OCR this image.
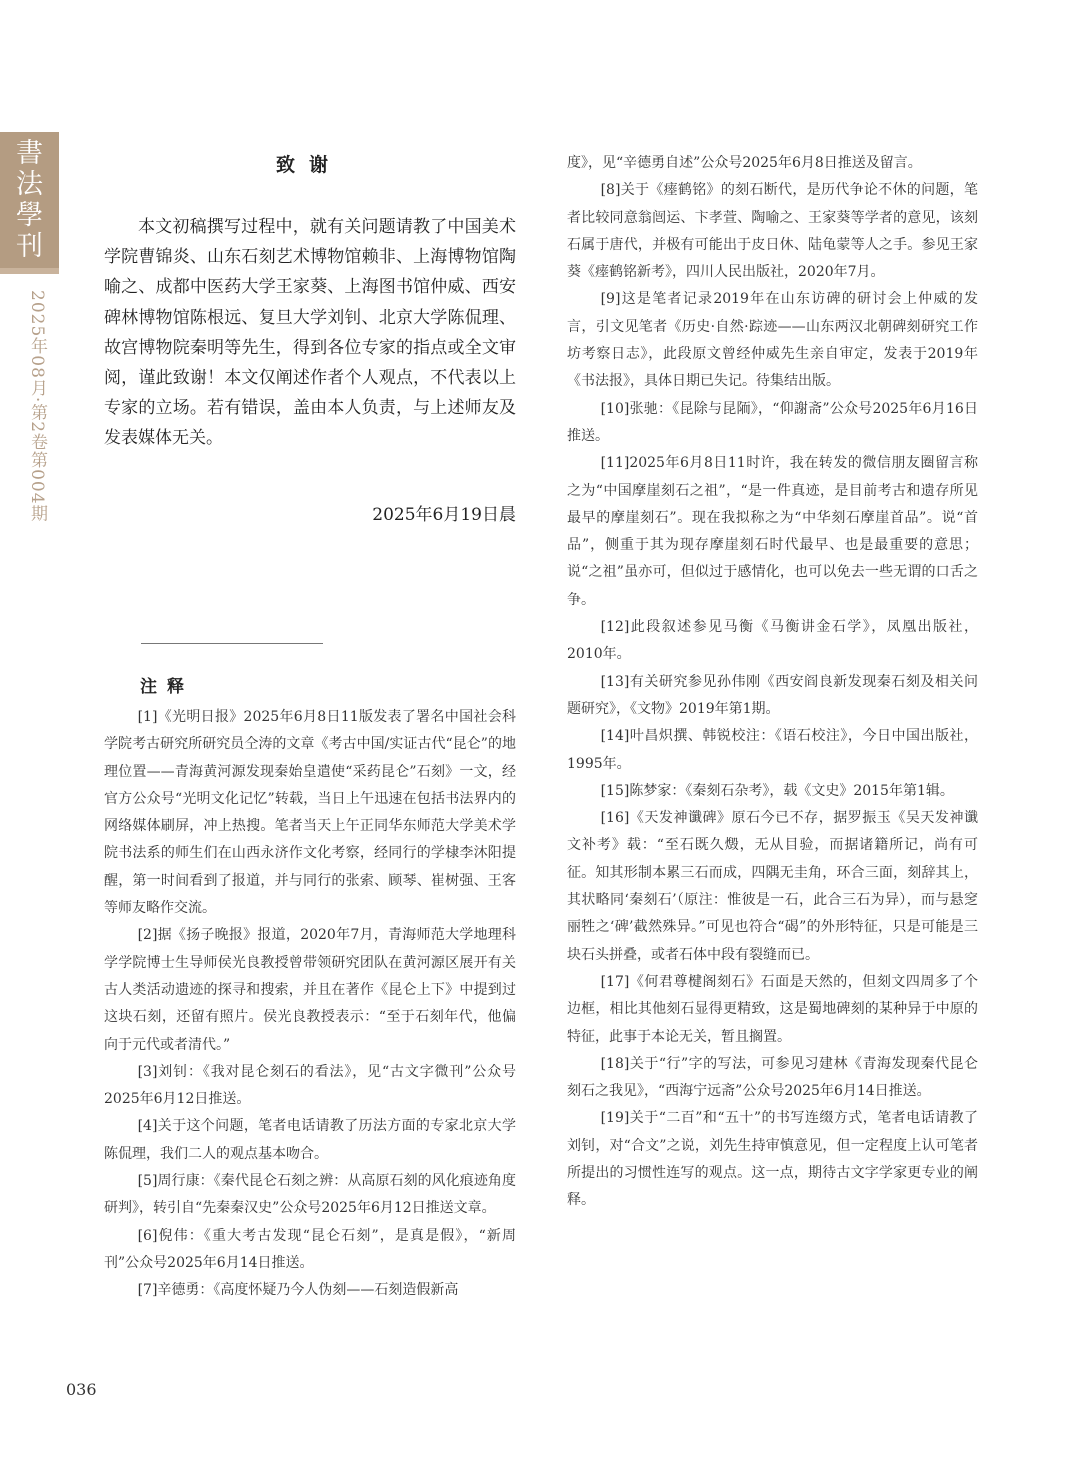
書
法
學
刊
2025年08月·第2卷第004期
致谢

本文初稿撰写过程中，就有关问题请教了中国美术学院曹锦炎、山东石刻艺术博物馆赖非、上海博物馆陶喻之、成都中医药大学王家葵、上海图书馆仲威、西安碑林博物馆陈根远、复旦大学刘钊、北京大学陈侃理、故宫博物院秦明等先生，得到各位专家的指点或全文审阅，谨此致谢！本文仅阐述作者个人观点，不代表以上专家的立场。若有错误，盖由本人负责，与上述师友及发表媒体无关。

2025年6月19日晨
注释

[1]《光明日报》2025年6月8日11版发表了署名中国社会科学院考古研究所研究员仝涛的文章《考古中国/实证古代“昆仑”的地理位置——青海黄河源发现秦始皇遣使“采药昆仑”石刻》一文，经官方公众号“光明文化记忆”转载，当日上午迅速在包括书法界内的网络媒体刷屏，冲上热搜。笔者当天上午正同华东师范大学美术学院书法系的师生们在山西永济作文化考察，经同行的学棣李沐阳提醒，第一时间看到了报道，并与同行的张索、顾琴、崔树强、王客等师友略作交流。

[2]据《扬子晚报》报道，2020年7月，青海师范大学地理科学学院博士生导师侯光良教授曾带领研究团队在黄河源区展开有关古人类活动遗迹的探寻和搜索，并且在著作《昆仑上下》中提到过这块石刻，还留有照片。侯光良教授表示：“至于石刻年代，他偏向于元代或者清代。”

[3]刘钊：《我对昆仑刻石的看法》，见“古文字微刊”公众号2025年6月12日推送。

[4]关于这个问题，笔者电话请教了历法方面的专家北京大学陈侃理，我们二人的观点基本吻合。

[5]周行康：《秦代昆仑石刻之辨：从高原石刻的风化痕迹角度研判》，转引自“先秦秦汉史”公众号2025年6月12日推送文章。

[6]倪伟：《重大考古发现“昆仑石刻”，是真是假》，“新周刊”公众号2025年6月14日推送。

[7]辛德勇：《高度怀疑乃今人伪刻——石刻造假新高

度》，见“辛德勇自述”公众号2025年6月8日推送及留言。

[8]关于《瘗鹤铭》的刻石断代，是历代争论不休的问题，笔者比较同意翁闿运、卞孝萱、陶喻之、王家葵等学者的意见，该刻石属于唐代，并极有可能出于皮日休、陆龟蒙等人之手。参见王家葵《瘗鹤铭新考》，四川人民出版社，2020年7月。

[9]这是笔者记录2019年在山东访碑的研讨会上仲威的发言，引文见笔者《历史·自然·踪迹——山东两汉北朝碑刻研究工作坊考察日志》，此段原文曾经仲威先生亲自审定，发表于2019年《书法报》，具体日期已失记。待集结出版。

[10]张驰：《昆除与昆陑》，“仰謝斋”公众号2025年6月16日推送。

[11]2025年6月8日11时许，我在转发的微信朋友圈留言称之为“中国摩崖刻石之祖”，“是一件真迹，是目前考古和遗存所见最早的摩崖刻石”。现在我拟称之为“中华刻石摩崖首品”。说“首品”，侧重于其为现存摩崖刻石时代最早、也是最重要的意思；说“之祖”虽亦可，但似过于感情化，也可以免去一些无谓的口舌之争。

[12]此段叙述参见马衡《马衡讲金石学》，凤凰出版社，2010年。

[13]有关研究参见孙伟刚《西安阎良新发现秦石刻及相关问题研究》，《文物》2019年第1期。

[14]叶昌炽撰、韩锐校注：《语石校注》，今日中国出版社，1995年。

[15]陈梦家：《秦刻石杂考》，载《文史》2015年第1辑。

[16]《天发神谶碑》原石今已不存，据罗振玉《吴天发神谶文补考》载：“至石既久燬，无从目验，而据诸籍所记，尚有可征。知其形制本累三石而成，四隅无圭角，环合三面，刻辞其上，其状略同‘秦刻石’（原注：惟彼是一石，此合三石为异），而与悬窆丽牲之‘碑’截然殊异。”可见也符合“碣”的外形特征，只是可能是三块石头拼叠，或者石体中段有裂缝而已。

[17]《何君尊楗阁刻石》石面是天然的，但刻文四周多了个边框，相比其他刻石显得更精致，这是蜀地碑刻的某种异于中原的特征，此事于本论无关，暂且搁置。

[18]关于“行”字的写法，可参见习建林《青海发现秦代昆仑刻石之我见》，“西海宁远斋”公众号2025年6月14日推送。

[19]关于“二百”和“五十”的书写连缀方式，笔者电话请教了刘钊，对“合文”之说，刘先生持审慎意见，但一定程度上认可笔者所提出的习惯性连写的观点。这一点，期待古文字学家更专业的阐释。

036
